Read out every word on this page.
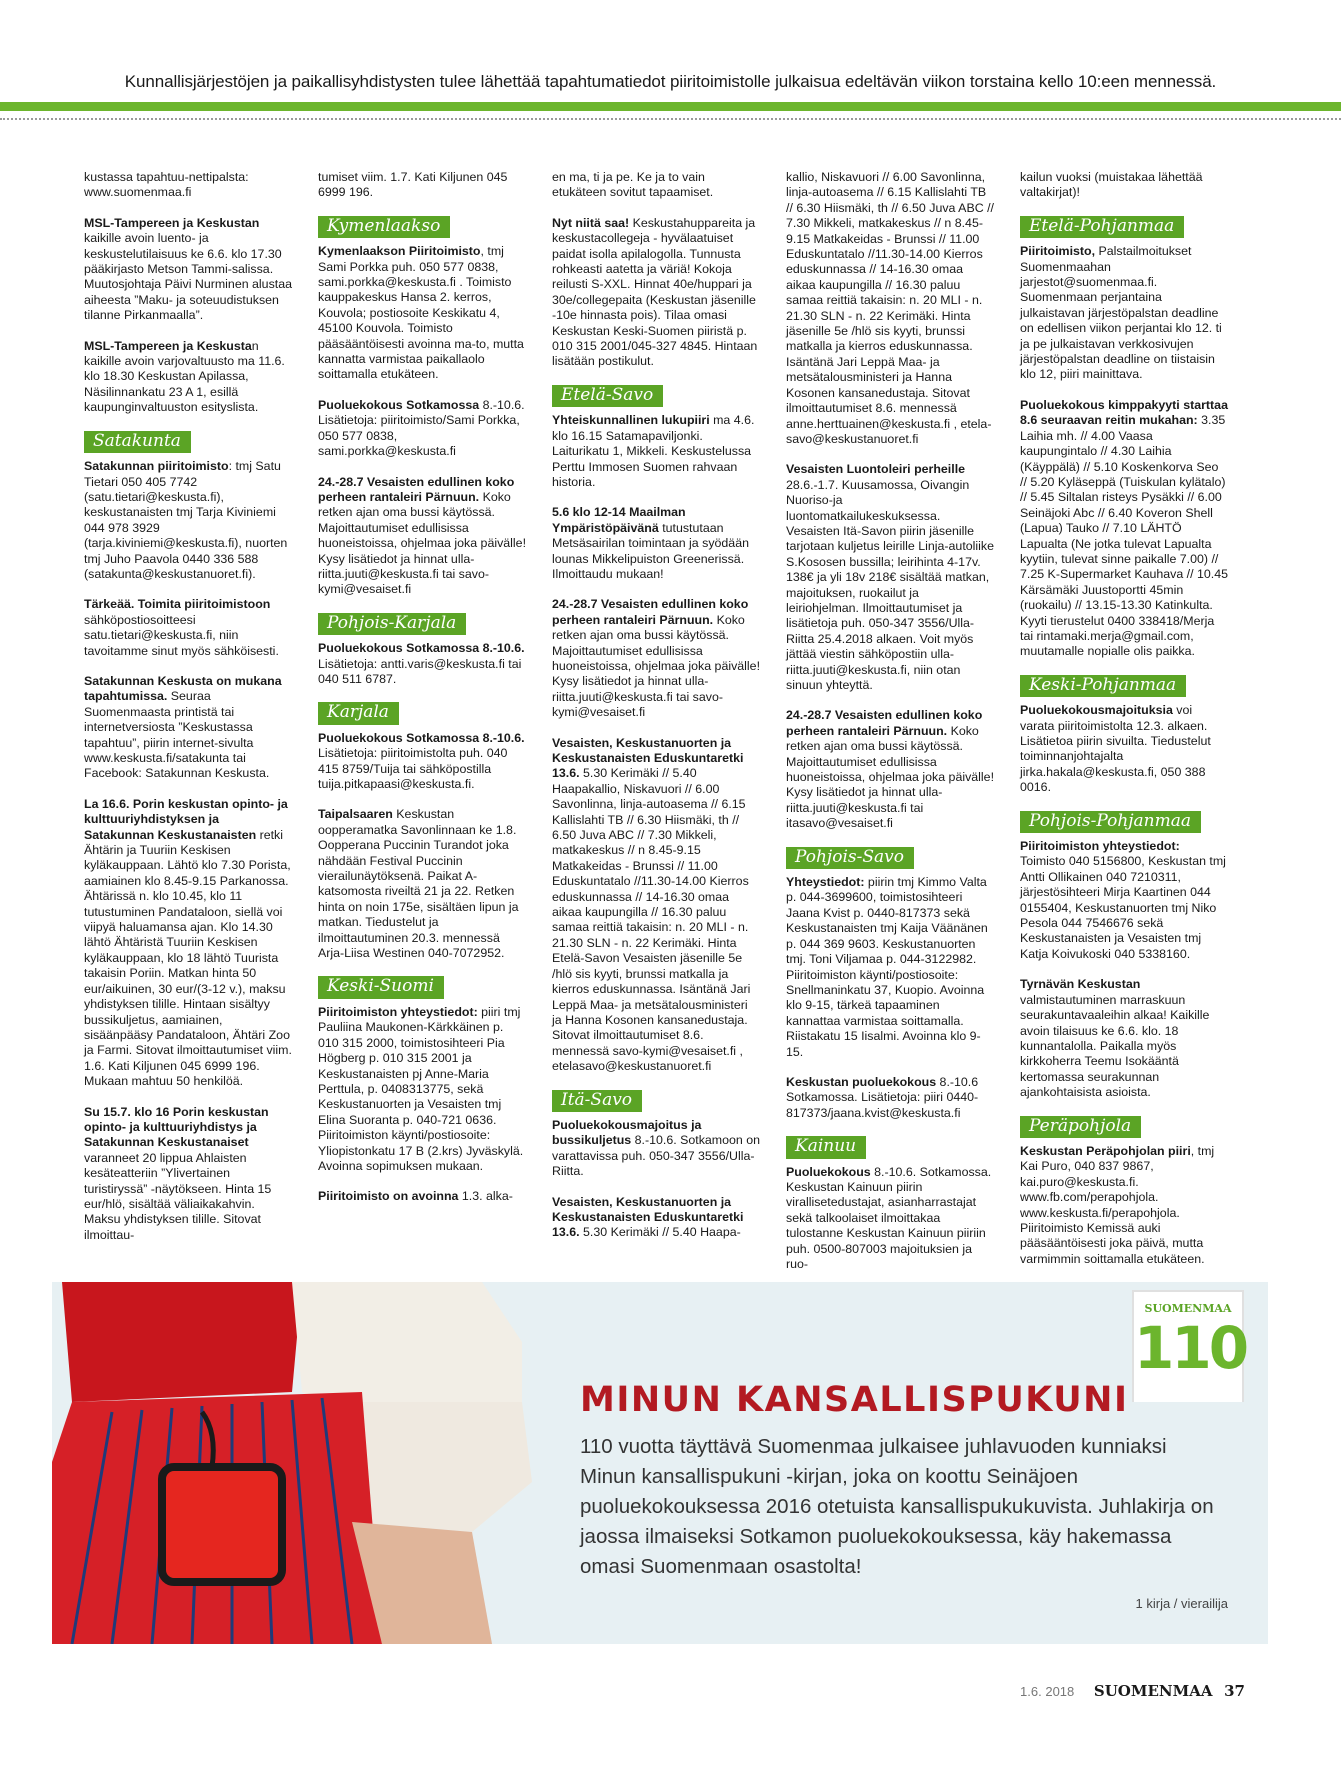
Kunnallisjärjestöjen ja paikallisyhdistysten tulee lähettää tapahtumatiedot piiritoimistolle julkaisua edeltävän viikon torstaina kello 10:een mennessä.

kustassa tapahtuu-nettipalsta: www.suomenmaa.fi

MSL-Tampereen ja Keskustan kaikille avoin luento- ja keskustelutilaisuus ke 6.6. klo 17.30 pääkirjasto Metson Tammi-salissa. Muutosjohtaja Päivi Nurminen alustaa aiheesta ”Maku- ja soteuudistuksen tilanne Pirkanmaalla”.

MSL-Tampereen ja Keskustan kaikille avoin varjovaltuusto ma 11.6. klo 18.30 Keskustan Apilassa, Näsilinnankatu 23 A 1, esillä kaupunginvaltuuston esityslista.

Satakunta

Satakunnan piiritoimisto: tmj Satu Tietari 050 405 7742 (satu.tietari@keskusta.fi), keskustanaisten tmj Tarja Kiviniemi 044 978 3929 (tarja.kiviniemi@keskusta.fi), nuorten tmj Juho Paavola 0440 336 588 (satakunta@keskustanuoret.fi).

Tärkeää. Toimita piiritoimistoon sähköpostiosoitteesi satu.tietari@keskusta.fi, niin tavoitamme sinut myös sähköisesti.

Satakunnan Keskusta on mukana tapahtumissa. Seuraa Suomenmaasta printistä tai internetversiosta ”Keskustassa tapahtuu”, piirin internet-sivulta www.keskusta.fi/satakunta tai Facebook: Satakunnan Keskusta.

La 16.6. Porin keskustan opinto- ja kulttuuriyhdistyksen ja Satakunnan Keskustanaisten retki Ähtärin ja Tuuriin Keskisen kyläkauppaan. Lähtö klo 7.30 Porista, aamiainen klo 8.45-9.15 Parkanossa. Ähtärissä n. klo 10.45, klo 11 tutustuminen Pandataloon, siellä voi viipyä haluamansa ajan. Klo 14.30 lähtö Ähtäristä Tuuriin Keskisen kyläkauppaan, klo 18 lähtö Tuurista takaisin Poriin. Matkan hinta 50 eur/aikuinen, 30 eur/(3-12 v.), maksu yhdistyksen tilille. Hintaan sisältyy bussikuljetus, aamiainen, sisäänpääsy Pandataloon, Ähtäri Zoo ja Farmi. Sitovat ilmoittautumiset viim. 1.6. Kati Kiljunen 045 6999 196. Mukaan mahtuu 50 henkilöä.

Su 15.7. klo 16 Porin keskustan opinto- ja kulttuuriyhdistys ja Satakunnan Keskustanaiset varanneet 20 lippua Ahlaisten kesäteatteriin ”Ylivertainen turistiryssä” -näytökseen. Hinta 15 eur/hlö, sisältää väliaikakahvin. Maksu yhdistyksen tilille. Sitovat ilmoittau-

tumiset viim. 1.7. Kati Kiljunen 045 6999 196.

Kymenlaakso

Kymenlaakson Piiritoimisto, tmj Sami Porkka puh. 050 577 0838, sami.porkka@keskusta.fi . Toimisto kauppakeskus Hansa 2. kerros, Kouvola; postiosoite Keskikatu 4, 45100 Kouvola. Toimisto pääsääntöisesti avoinna ma-to, mutta kannatta varmistaa paikallaolo soittamalla etukäteen.

Puoluekokous Sotkamossa 8.-10.6. Lisätietoja: piiritoimisto/Sami Porkka, 050 577 0838, sami.porkka@keskusta.fi

24.-28.7 Vesaisten edullinen koko perheen rantaleiri Pärnuun. Koko retken ajan oma bussi käytössä. Majoittautumiset edullisissa huoneistoissa, ohjelmaa joka päivälle! Kysy lisätiedot ja hinnat ulla-riitta.juuti@keskusta.fi tai savo-kymi@vesaiset.fi

Pohjois-Karjala

Puoluekokous Sotkamossa 8.-10.6. Lisätietoja: antti.varis@keskusta.fi tai 040 511 6787.

Karjala

Puoluekokous Sotkamossa 8.-10.6. Lisätietoja: piiritoimistolta puh. 040 415 8759/Tuija tai sähköpostilla tuija.pitkapaasi@keskusta.fi.

Taipalsaaren Keskustan oopperamatka Savonlinnaan ke 1.8. Oopperana Puccinin Turandot joka nähdään Festival Puccinin vierailunäytöksenä. Paikat A-katsomosta riveiltä 21 ja 22. Retken hinta on noin 175e, sisältäen lipun ja matkan. Tiedustelut ja ilmoittautuminen 20.3. mennessä Arja-Liisa Westinen 040-7072952.

Keski-Suomi

Piiritoimiston yhteystiedot: piiri tmj Pauliina Maukonen-Kärkkäinen p. 010 315 2000, toimistosihteeri Pia Högberg p. 010 315 2001 ja Keskustanaisten pj Anne-Maria Perttula, p. 0408313775, sekä Keskustanuorten ja Vesaisten tmj Elina Suoranta p. 040-721 0636. Piiritoimiston käynti/postiosoite: Yliopistonkatu 17 B (2.krs) Jyväskylä. Avoinna sopimuksen mukaan.

Piiritoimisto on avoinna 1.3. alka-

en ma, ti ja pe. Ke ja to vain etukäteen sovitut tapaamiset.

Nyt niitä saa! Keskustahuppareita ja keskustacollegeja - hyvälaatuiset paidat isolla apilalogolla. Tunnusta rohkeasti aatetta ja väriä! Kokoja reilusti S-XXL. Hinnat 40e/huppari ja 30e/collegepaita (Keskustan jäsenille -10e hinnasta pois). Tilaa omasi Keskustan Keski-Suomen piiristä p. 010 315 2001/045-327 4845. Hintaan lisätään postikulut.

Etelä-Savo

Yhteiskunnallinen lukupiiri ma 4.6. klo 16.15 Satamapaviljonki. Laiturikatu 1, Mikkeli. Keskustelussa Perttu Immosen Suomen rahvaan historia.

5.6 klo 12-14 Maailman Ympäristöpäivänä tutustutaan Metsäsairilan toimintaan ja syödään lounas Mikkelipuiston Greenerissä. Ilmoittaudu mukaan!

24.-28.7 Vesaisten edullinen koko perheen rantaleiri Pärnuun. Koko retken ajan oma bussi käytössä. Majoittautumiset edullisissa huoneistoissa, ohjelmaa joka päivälle! Kysy lisätiedot ja hinnat ulla-riitta.juuti@keskusta.fi tai savo-kymi@vesaiset.fi

Vesaisten, Keskustanuorten ja Keskustanaisten Eduskuntaretki 13.6. 5.30 Kerimäki // 5.40 Haapakallio, Niskavuori // 6.00 Savonlinna, linja-autoasema // 6.15 Kallislahti TB // 6.30 Hiismäki, th // 6.50 Juva ABC // 7.30 Mikkeli, matkakeskus // n 8.45-9.15 Matkakeidas - Brunssi // 11.00 Eduskuntatalo //11.30-14.00 Kierros eduskunnassa // 14-16.30 omaa aikaa kaupungilla // 16.30 paluu samaa reittiä takaisin: n. 20 MLI - n. 21.30 SLN - n. 22 Kerimäki. Hinta Etelä-Savon Vesaisten jäsenille 5e /hlö sis kyyti, brunssi matkalla ja kierros eduskunnassa. Isäntänä Jari Leppä Maa- ja metsätalousministeri ja Hanna Kosonen kansanedustaja. Sitovat ilmoittautumiset 8.6. mennessä savo-kymi@vesaiset.fi , etelasavo@keskustanuoret.fi

Itä-Savo

Puoluekokousmajoitus ja bussikuljetus 8.-10.6. Sotkamoon on varattavissa puh. 050-347 3556/Ulla-Riitta.

Vesaisten, Keskustanuorten ja Keskustanaisten Eduskuntaretki 13.6. 5.30 Kerimäki // 5.40 Haapa-

kallio, Niskavuori // 6.00 Savonlinna, linja-autoasema // 6.15 Kallislahti TB // 6.30 Hiismäki, th // 6.50 Juva ABC // 7.30 Mikkeli, matkakeskus // n 8.45-9.15 Matkakeidas - Brunssi // 11.00 Eduskuntatalo //11.30-14.00 Kierros eduskunnassa // 14-16.30 omaa aikaa kaupungilla // 16.30 paluu samaa reittiä takaisin: n. 20 MLI - n. 21.30 SLN - n. 22 Kerimäki. Hinta jäsenille 5e /hlö sis kyyti, brunssi matkalla ja kierros eduskunnassa. Isäntänä Jari Leppä Maa- ja metsätalousministeri ja Hanna Kosonen kansanedustaja. Sitovat ilmoittautumiset 8.6. mennessä anne.herttuainen@keskusta.fi , etela-savo@keskustanuoret.fi

Vesaisten Luontoleiri perheille 28.6.-1.7. Kuusamossa, Oivangin Nuoriso-ja luontomatkailukeskuksessa. Vesaisten Itä-Savon piirin jäsenille tarjotaan kuljetus leirille Linja-autoliike S.Kososen bussilla; leirihinta 4-17v. 138€ ja yli 18v 218€ sisältää matkan, majoituksen, ruokailut ja leiriohjelman. Ilmoittautumiset ja lisätietoja puh. 050-347 3556/Ulla-Riitta 25.4.2018 alkaen. Voit myös jättää viestin sähköpostiin ulla-riitta.juuti@keskusta.fi, niin otan sinuun yhteyttä.

24.-28.7 Vesaisten edullinen koko perheen rantaleiri Pärnuun. Koko retken ajan oma bussi käytössä. Majoittautumiset edullisissa huoneistoissa, ohjelmaa joka päivälle! Kysy lisätiedot ja hinnat ulla-riitta.juuti@keskusta.fi tai itasavo@vesaiset.fi

Pohjois-Savo

Yhteystiedot: piirin tmj Kimmo Valta p. 044-3699600, toimistosihteeri Jaana Kvist p. 0440-817373 sekä Keskustanaisten tmj Kaija Väänänen p. 044 369 9603. Keskustanuorten tmj. Toni Viljamaa p. 044-3122982. Piiritoimiston käynti/postiosoite: Snellmaninkatu 37, Kuopio. Avoinna klo 9-15, tärkeä tapaaminen kannattaa varmistaa soittamalla. Riistakatu 15 Iisalmi. Avoinna klo 9-15.

Keskustan puoluekokous 8.-10.6 Sotkamossa. Lisätietoja: piiri 0440-817373/jaana.kvist@keskusta.fi

Kainuu

Puoluekokous 8.-10.6. Sotkamossa. Keskustan Kainuun piirin virallisetedustajat, asianharrastajat sekä talkoolaiset ilmoittakaa tulostanne Keskustan Kainuun piiriin puh. 0500-807003 majoituksien ja ruo-

kailun vuoksi (muistakaa lähettää valtakirjat)!

Etelä-Pohjanmaa

Piiritoimisto, Palstailmoitukset Suomenmaahan jarjestot@suomenmaa.fi. Suomenmaan perjantaina julkaistavan järjestöpalstan deadline on edellisen viikon perjantai klo 12. ti ja pe julkaistavan verkkosivujen järjestöpalstan deadline on tiistaisin klo 12, piiri mainittava.

Puoluekokous kimppakyyti starttaa 8.6 seuraavan reitin mukahan: 3.35 Laihia mh. // 4.00 Vaasa kaupungintalo // 4.30 Laihia (Käyppälä) // 5.10 Koskenkorva Seo // 5.20 Kyläseppä (Tuiskulan kylätalo) // 5.45 Siltalan risteys Pysäkki // 6.00 Seinäjoki Abc // 6.40 Koveron Shell (Lapua) Tauko // 7.10 LÄHTÖ Lapualta (Ne jotka tulevat Lapualta kyytiin, tulevat sinne paikalle 7.00) // 7.25 K-Supermarket Kauhava // 10.45 Kärsämäki Juustoportti 45min (ruokailu) // 13.15-13.30 Katinkulta. Kyyti tierustelut 0400 338418/Merja tai rintamaki.merja@gmail.com, muutamalle nopialle olis paikka.

Keski-Pohjanmaa

Puoluekokousmajoituksia voi varata piiritoimistolta 12.3. alkaen. Lisätietoa piirin sivuilta. Tiedustelut toiminnanjohtajalta jirka.hakala@keskusta.fi, 050 388 0016.

Pohjois-Pohjanmaa

Piiritoimiston yhteystiedot: Toimisto 040 5156800, Keskustan tmj Antti Ollikainen 040 7210311, järjestösihteeri Mirja Kaartinen 044 0155404, Keskustanuorten tmj Niko Pesola 044 7546676 sekä Keskustanaisten ja Vesaisten tmj Katja Koivukoski 040 5338160.

Tyrnävän Keskustan valmistautuminen marraskuun seurakuntavaaleihin alkaa! Kaikille avoin tilaisuus ke 6.6. klo. 18 kunnantalolla. Paikalla myös kirkkoherra Teemu Isokääntä kertomassa seurakunnan ajankohtaisista asioista.

Peräpohjola

Keskustan Peräpohjolan piiri, tmj Kai Puro, 040 837 9867, kai.puro@keskusta.fi. www.fb.com/perapohjola. www.keskusta.fi/perapohjola. Piiritoimisto Kemissä auki pääsääntöisesti joka päivä, mutta varmimmin soittamalla etukäteen.

SUOMENMAA
110
MINUN KANSALLISPUKUNI
110 vuotta täyttävä Suomenmaa julkaisee juhlavuoden kunniaksi Minun kansallispukuni -kirjan, joka on koottu Seinäjoen puoluekokouksessa 2016 otetuista kansallispukukuvista. Juhlakirja on jaossa ilmaiseksi Sotkamon puoluekokouksessa, käy hakemassa omasi Suomenmaan osastolta!
1 kirja / vierailija
1.6. 2018 SUOMENMAA 37
